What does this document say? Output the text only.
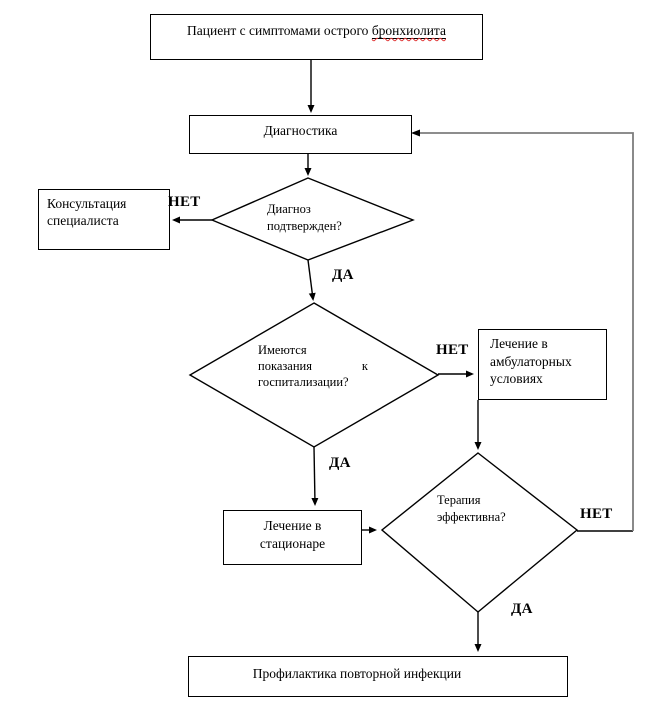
Пациент с симптомами острого бронхиолита
Диагностика
Консультация
специалиста
Лечение в
амбулаторных
условиях
Лечение в
стационаре
Профилактика повторной инфекции
Диагноз
подтвержден?
Имеются
показания	к
госпитализации?
Терапия
эффективна?
НЕТ
ДА
НЕТ
ДА
НЕТ
ДА
